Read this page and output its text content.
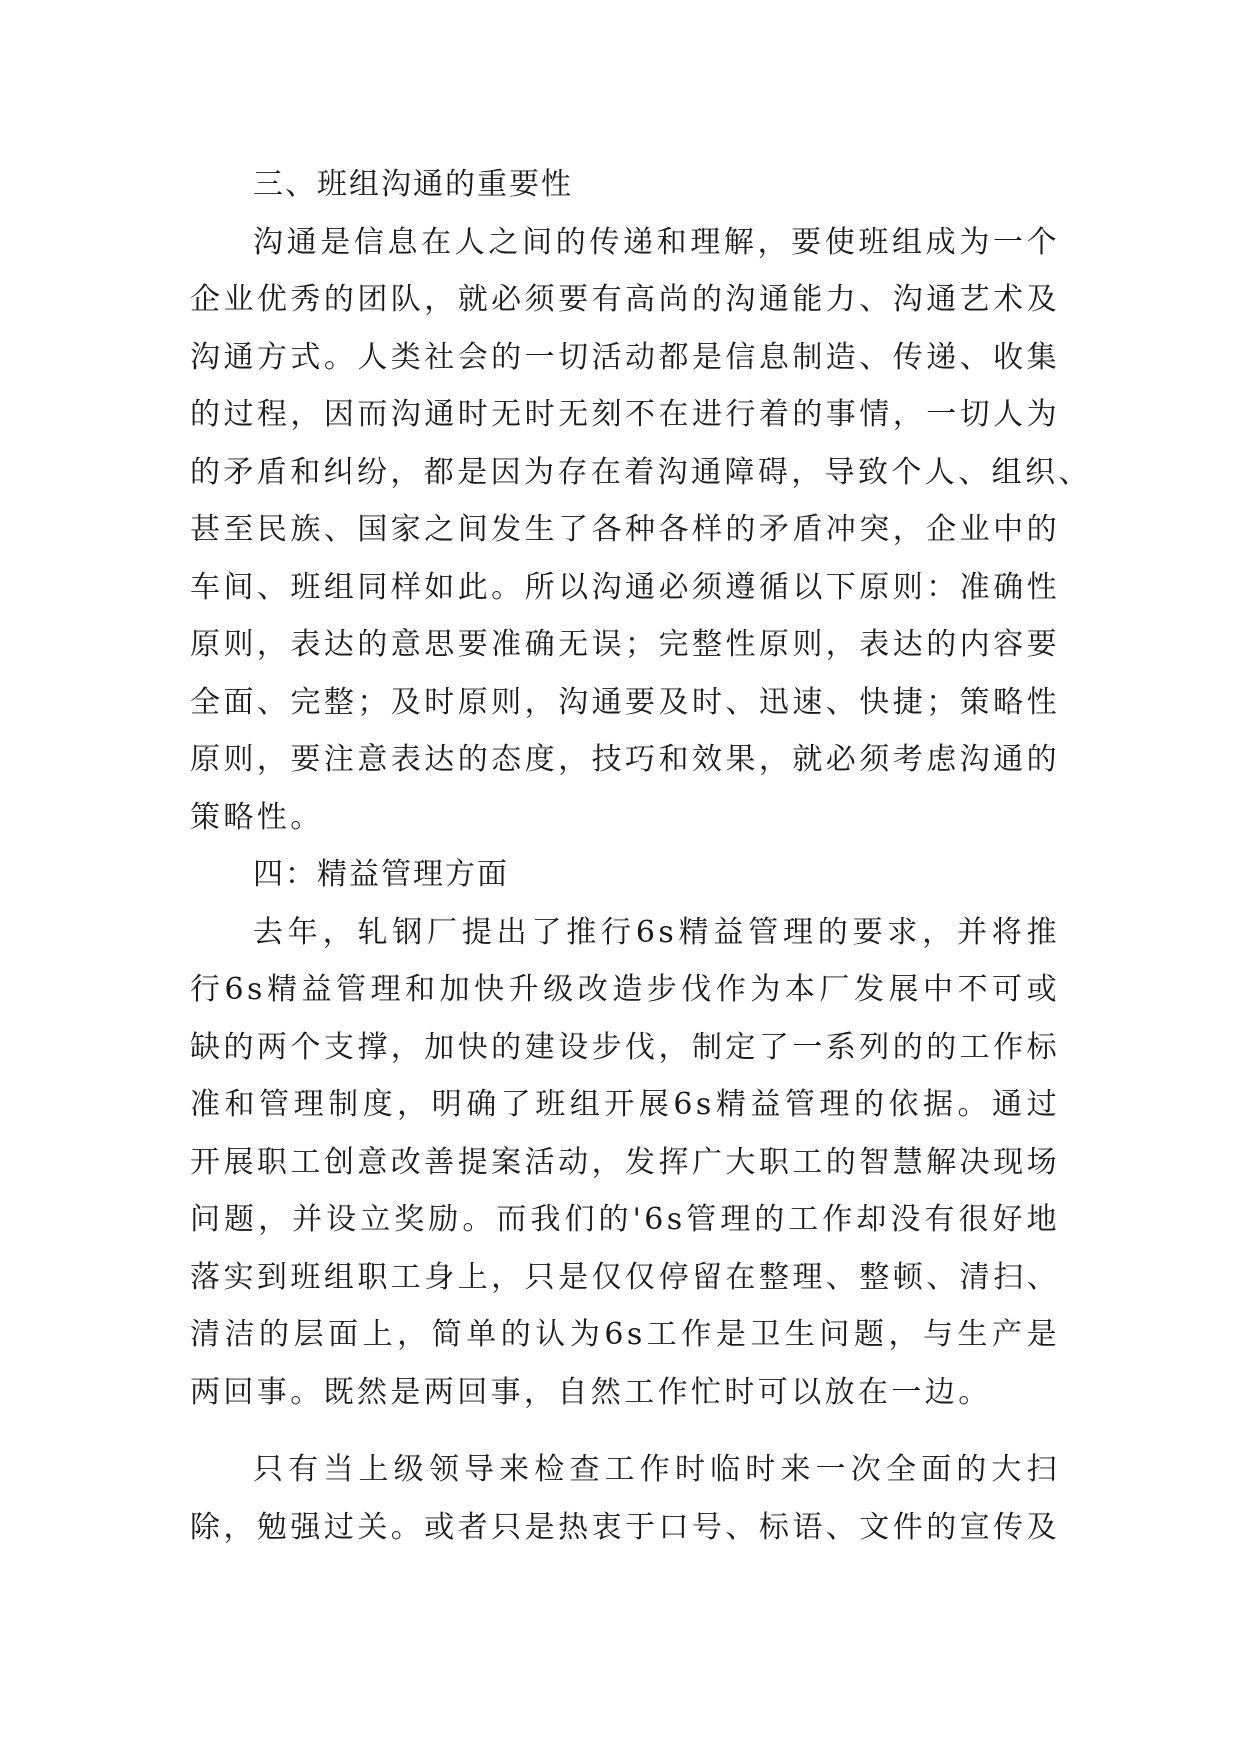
三、班组沟通的重要性
沟通是信息在人之间的传递和理解，要使班组成为一个
企业优秀的团队，就必须要有高尚的沟通能力、沟通艺术及
沟通方式。人类社会的一切活动都是信息制造、传递、收集
的过程，因而沟通时无时无刻不在进行着的事情，一切人为
的矛盾和纠纷，都是因为存在着沟通障碍，导致个人、组织、
甚至民族、国家之间发生了各种各样的矛盾冲突，企业中的
车间、班组同样如此。所以沟通必须遵循以下原则：准确性
原则，表达的意思要准确无误；完整性原则，表达的内容要
全面、完整；及时原则，沟通要及时、迅速、快捷；策略性
原则，要注意表达的态度，技巧和效果，就必须考虑沟通的
策略性。
四：精益管理方面
去年，轧钢厂提出了推行6s精益管理的要求，并将推
行6s精益管理和加快升级改造步伐作为本厂发展中不可或
缺的两个支撑，加快的建设步伐，制定了一系列的的工作标
准和管理制度，明确了班组开展6s精益管理的依据。通过
开展职工创意改善提案活动，发挥广大职工的智慧解决现场
问题，并设立奖励。而我们的'6s管理的工作却没有很好地
落实到班组职工身上，只是仅仅停留在整理、整顿、清扫、
清洁的层面上，简单的认为6s工作是卫生问题，与生产是
两回事。既然是两回事，自然工作忙时可以放在一边。
只有当上级领导来检查工作时临时来一次全面的大扫
除，勉强过关。或者只是热衷于口号、标语、文件的宣传及
